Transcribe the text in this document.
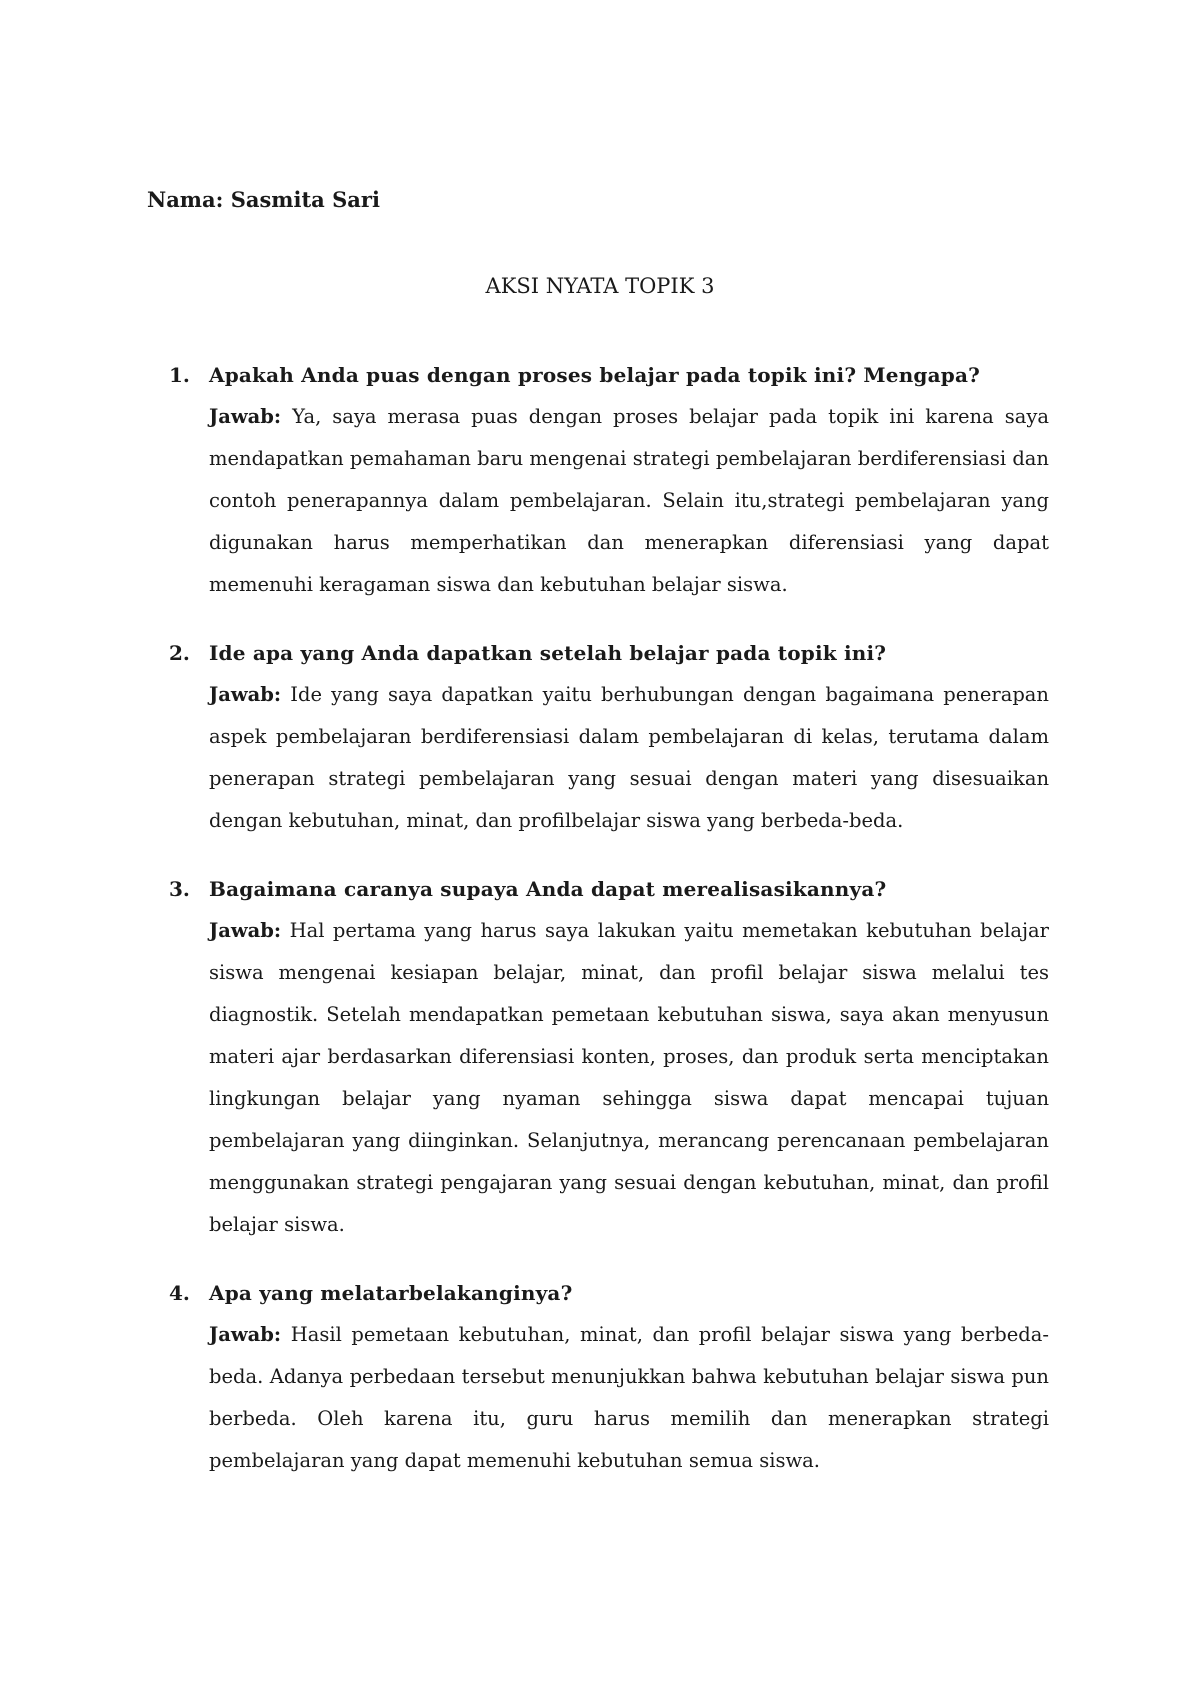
Nama: Sasmita Sari
AKSI NYATA TOPIK 3
1. Apakah Anda puas dengan proses belajar pada topik ini? Mengapa?

Jawab: Ya, saya merasa puas dengan proses belajar pada topik ini karena saya mendapatkan pemahaman baru mengenai strategi pembelajaran berdiferensiasi dan contoh penerapannya dalam pembelajaran. Selain itu,strategi pembelajaran yang digunakan harus memperhatikan dan menerapkan diferensiasi yang dapat memenuhi keragaman siswa dan kebutuhan belajar siswa.

2. Ide apa yang Anda dapatkan setelah belajar pada topik ini?

Jawab: Ide yang saya dapatkan yaitu berhubungan dengan bagaimana penerapan aspek pembelajaran berdiferensiasi dalam pembelajaran di kelas, terutama dalam penerapan strategi pembelajaran yang sesuai dengan materi yang disesuaikan dengan kebutuhan, minat, dan profilbelajar siswa yang berbeda-beda.

3. Bagaimana caranya supaya Anda dapat merealisasikannya?

Jawab: Hal pertama yang harus saya lakukan yaitu memetakan kebutuhan belajar siswa mengenai kesiapan belajar, minat, dan profil belajar siswa melalui tes diagnostik. Setelah mendapatkan pemetaan kebutuhan siswa, saya akan menyusun materi ajar berdasarkan diferensiasi konten, proses, dan produk serta menciptakan lingkungan belajar yang nyaman sehingga siswa dapat mencapai tujuan pembelajaran yang diinginkan. Selanjutnya, merancang perencanaan pembelajaran menggunakan strategi pengajaran yang sesuai dengan kebutuhan, minat, dan profil belajar siswa.

4. Apa yang melatarbelakanginya?

Jawab: Hasil pemetaan kebutuhan, minat, dan profil belajar siswa yang berbeda-beda. Adanya perbedaan tersebut menunjukkan bahwa kebutuhan belajar siswa pun berbeda. Oleh karena itu, guru harus memilih dan menerapkan strategi pembelajaran yang dapat memenuhi kebutuhan semua siswa.
